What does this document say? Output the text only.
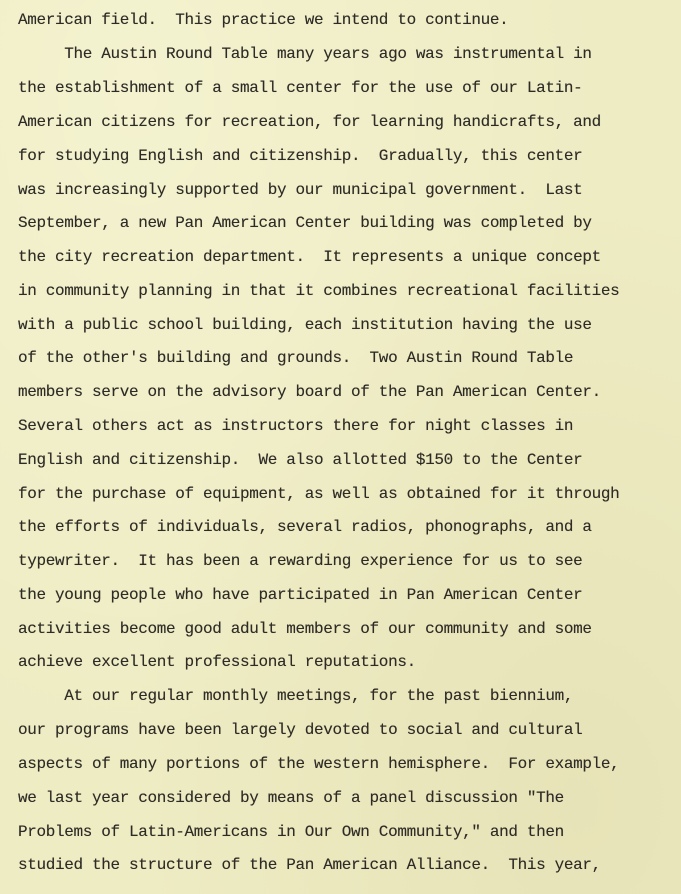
American field.  This practice we intend to continue.
The Austin Round Table many years ago was instrumental in
the establishment of a small center for the use of our Latin-
American citizens for recreation, for learning handicrafts, and
for studying English and citizenship.  Gradually, this center
was increasingly supported by our municipal government.  Last
September, a new Pan American Center building was completed by
the city recreation department.  It represents a unique concept
in community planning in that it combines recreational facilities
with a public school building, each institution having the use
of the other's building and grounds.  Two Austin Round Table
members serve on the advisory board of the Pan American Center.
Several others act as instructors there for night classes in
English and citizenship.  We also allotted $150 to the Center
for the purchase of equipment, as well as obtained for it through
the efforts of individuals, several radios, phonographs, and a
typewriter.  It has been a rewarding experience for us to see
the young people who have participated in Pan American Center
activities become good adult members of our community and some
achieve excellent professional reputations.
At our regular monthly meetings, for the past biennium,
our programs have been largely devoted to social and cultural
aspects of many portions of the western hemisphere.  For example,
we last year considered by means of a panel discussion "The
Problems of Latin-Americans in Our Own Community," and then
studied the structure of the Pan American Alliance.  This year,
